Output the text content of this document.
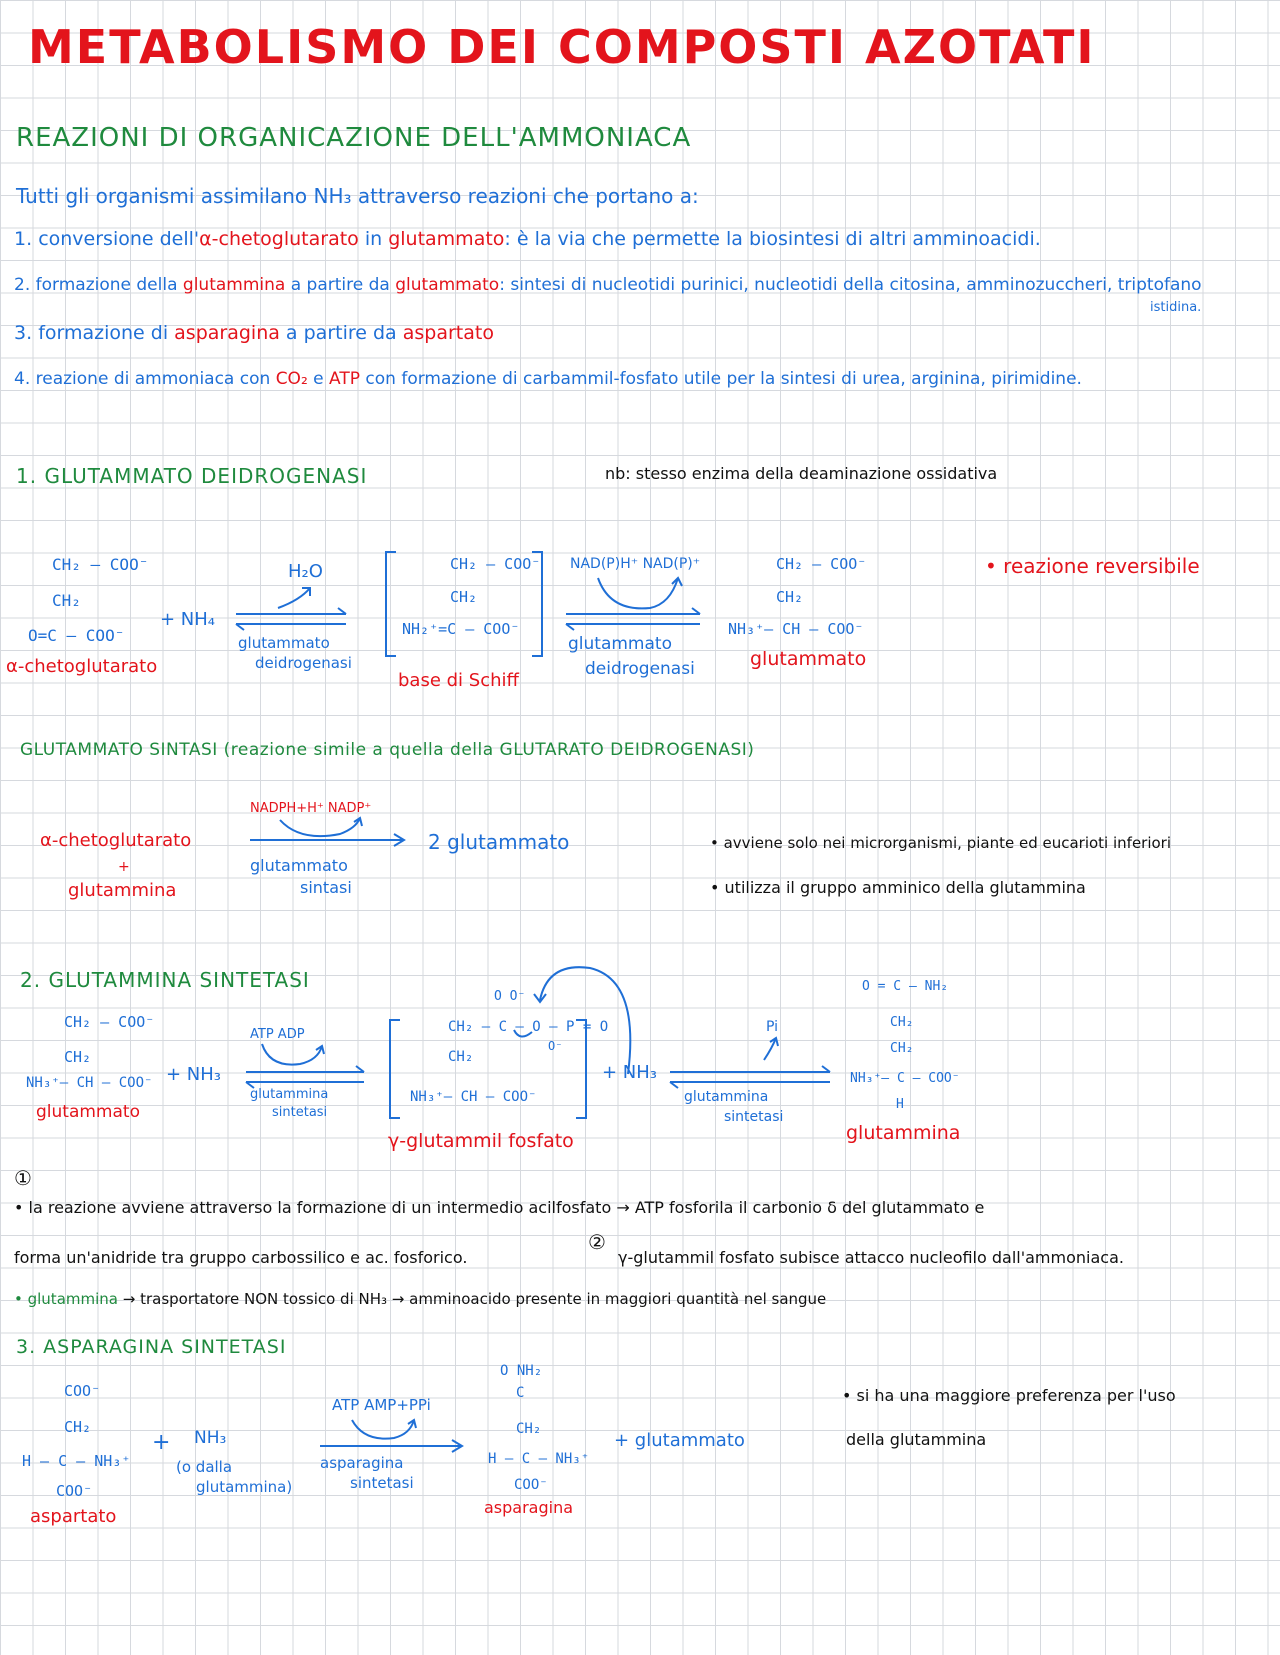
METABOLISMO DEI COMPOSTI AZOTATI
REAZIONI DI ORGANICAZIONE DELL'AMMONIACA
Tutti gli organismi assimilano NH₃ attraverso reazioni che portano a:
1. conversione dell'α-chetoglutarato in glutammato: è la via che permette la biosintesi di altri amminoacidi.
2. formazione della glutammina a partire da glutammato: sintesi di nucleotidi purinici, nucleotidi della citosina, amminozuccheri, triptofano
istidina.
3. formazione di asparagina a partire da aspartato
4. reazione di ammoniaca con CO₂ e ATP con formazione di carbammil-fosfato utile per la sintesi di urea, arginina, pirimidine.
1. GLUTAMMATO DEIDROGENASI	nb: stesso enzima della deaminazione ossidativa
• reazione reversibile
CH₂ – COO⁻
CH₂
O=C – COO⁻
α-chetoglutarato
+ NH₄
H₂O
glutammato
deidrogenasi
CH₂ – COO⁻
CH₂
NH₂⁺=C – COO⁻
base di Schiff
NAD(P)H⁺ NAD(P)⁺
glutammato
deidrogenasi
CH₂ – COO⁻
CH₂
NH₃⁺– CH – COO⁻
glutammato
GLUTAMMATO SINTASI (reazione simile a quella della GLUTARATO DEIDROGENASI)
α-chetoglutarato
+
glutammina
NADPH+H⁺ NADP⁺
glutammato
sintasi
2 glutammato	• avviene solo nei microrganismi, piante ed eucarioti inferiori
• utilizza il gruppo amminico della glutammina
2. GLUTAMMINA SINTETASI
CH₂ – COO⁻
CH₂
NH₃⁺– CH – COO⁻
glutammato
+ NH₃
ATP ADP
glutammina
sintetasi
O O⁻
CH₂ – C – O – P = O
CH₂
NH₃⁺– CH – COO⁻
O⁻
γ-glutammil fosfato
+ NH₃
Pi
glutammina
sintetasi
O = C – NH₂
CH₂
CH₂
NH₃⁺– C – COO⁻
H
glutammina
①
• la reazione avviene attraverso la formazione di un intermedio acilfosfato → ATP fosforila il carbonio δ del glutammato e
forma un'anidride tra gruppo carbossilico e ac. fosforico.
②
γ-glutammil fosfato subisce attacco nucleofilo dall'ammoniaca.
• glutammina → trasportatore NON tossico di NH₃ → amminoacido presente in maggiori quantità nel sangue
3. ASPARAGINA SINTETASI
COO⁻
CH₂
H – C – NH₃⁺
COO⁻
aspartato
+ NH₃
(o dalla
glutammina)
ATP AMP+PPi
asparagina
sintetasi
O NH₂
C
CH₂
H – C – NH₃⁺
COO⁻
asparagina
+ glutammato
• si ha una maggiore preferenza per l'uso
della glutammina
